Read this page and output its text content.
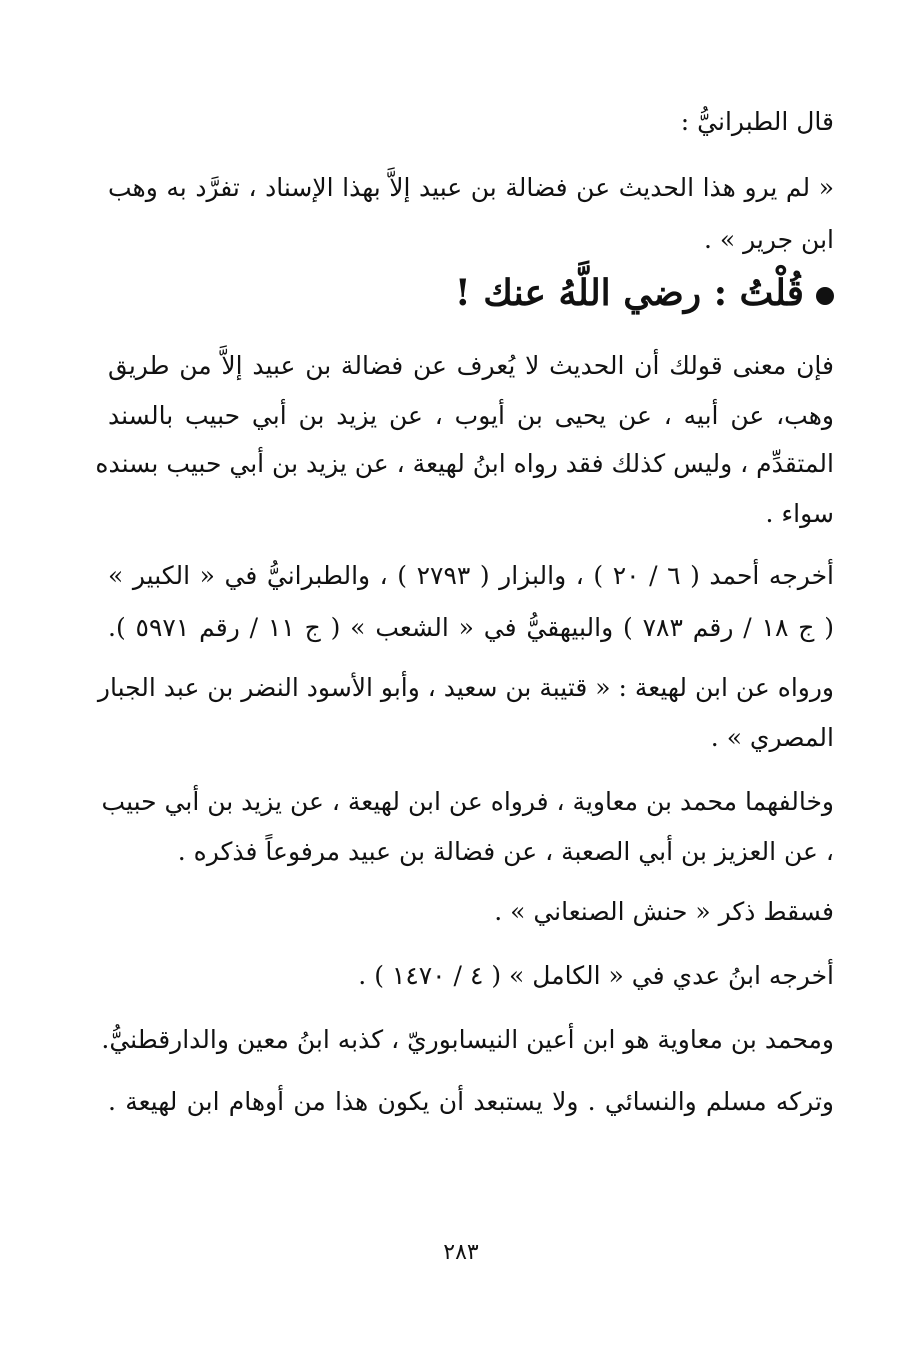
قال الطبرانيُّ :
« لم يرو هذا الحديث عن فضالة بن عبيد إلاَّ بهذا الإسناد ، تفرَّد به وهب
ابن جرير » .
قُلْتُ : رضي اللَّهُ عنك !
فإن معنى قولك أن الحديث لا يُعرف عن فضالة بن عبيد إلاَّ من طريق
وهب، عن أبيه ، عن يحيى بن أيوب ، عن يزيد بن أبي حبيب بالسند
المتقدِّم ، وليس كذلك فقد رواه ابنُ لهيعة ، عن يزيد بن أبي حبيب بسنده
سواء .
أخرجه أحمد ( ٦ / ٢٠ ) ، والبزار ( ٢٧٩٣ ) ، والطبرانيُّ في « الكبير »
( ج ١٨ / رقم ٧٨٣ ) والبيهقيُّ في « الشعب » ( ج ١١ / رقم ٥٩٧١ ).
ورواه عن ابن لهيعة : « قتيبة بن سعيد ، وأبو الأسود النضر بن عبد الجبار
المصري » .
وخالفهما محمد بن معاوية ، فرواه عن ابن لهيعة ، عن يزيد بن أبي حبيب
، عن العزيز بن أبي الصعبة ، عن فضالة بن عبيد مرفوعاً فذكره .
فسقط ذكر « حنش الصنعاني » .
أخرجه ابنُ عدي في « الكامل » ( ٤ / ١٤٧٠ ) .
ومحمد بن معاوية هو ابن أعين النيسابوريّ ، كذبه ابنُ معين والدارقطنيُّ.
وتركه مسلم والنسائي . ولا يستبعد أن يكون هذا من أوهام ابن لهيعة .
٢٨٣
